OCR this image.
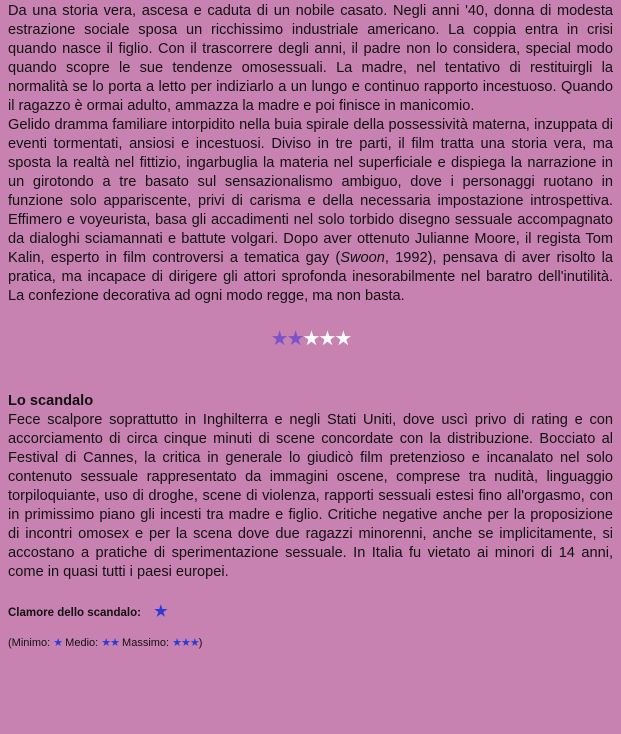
Da una storia vera, ascesa e caduta di un nobile casato. Negli anni '40, donna di modesta estrazione sociale sposa un ricchissimo industriale americano. La coppia entra in crisi quando nasce il figlio. Con il trascorrere degli anni, il padre non lo considera, special modo quando scopre le sue tendenze omosessuali. La madre, nel tentativo di restituirgli la normalità se lo porta a letto per indiziarlo a un lungo e continuo rapporto incestuoso. Quando il ragazzo è ormai adulto, ammazza la madre e poi finisce in manicomio.

Gelido dramma familiare intorpidito nella buia spirale della possessività materna, inzuppata di eventi tormentati, ansiosi e incestuosi. Diviso in tre parti, il film tratta una storia vera, ma sposta la realtà nel fittizio, ingarbuglia la materia nel superficiale e dispiega la narrazione in un girotondo a tre basato sul sensazionalismo ambiguo, dove i personaggi ruotano in funzione solo appariscente, privi di carisma e della necessaria impostazione introspettiva. Effimero e voyeurista, basa gli accadimenti nel solo torbido disegno sessuale accompagnato da dialoghi sciamannati e battute volgari. Dopo aver ottenuto Julianne Moore, il regista Tom Kalin, esperto in film controversi a tematica gay (Swoon, 1992), pensava di aver risolto la pratica, ma incapace di dirigere gli attori sprofonda inesorabilmente nel baratro dell'inutilità. La confezione decorativa ad ogni modo regge, ma non basta.

★★★★★
Lo scandalo

Fece scalpore soprattutto in Inghilterra e negli Stati Uniti, dove uscì privo di rating e con accorciamento di circa cinque minuti di scene concordate con la distribuzione. Bocciato al Festival di Cannes, la critica in generale lo giudicò film pretenzioso e incanalato nel solo contenuto sessuale rappresentato da immagini oscene, comprese tra nudità, linguaggio torpiloquiante, uso di droghe, scene di violenza, rapporti sessuali estesi fino all'orgasmo, con in primissimo piano gli incesti tra madre e figlio. Critiche negative anche per la proposizione di incontri omosex e per la scena dove due ragazzi minorenni, anche se implicitamente, si accostano a pratiche di sperimentazione sessuale. In Italia fu vietato ai minori di 14 anni, come in quasi tutti i paesi europei.

Clamore dello scandalo: ★
(Minimo: ★ Medio: ★★ Massimo: ★★★)
